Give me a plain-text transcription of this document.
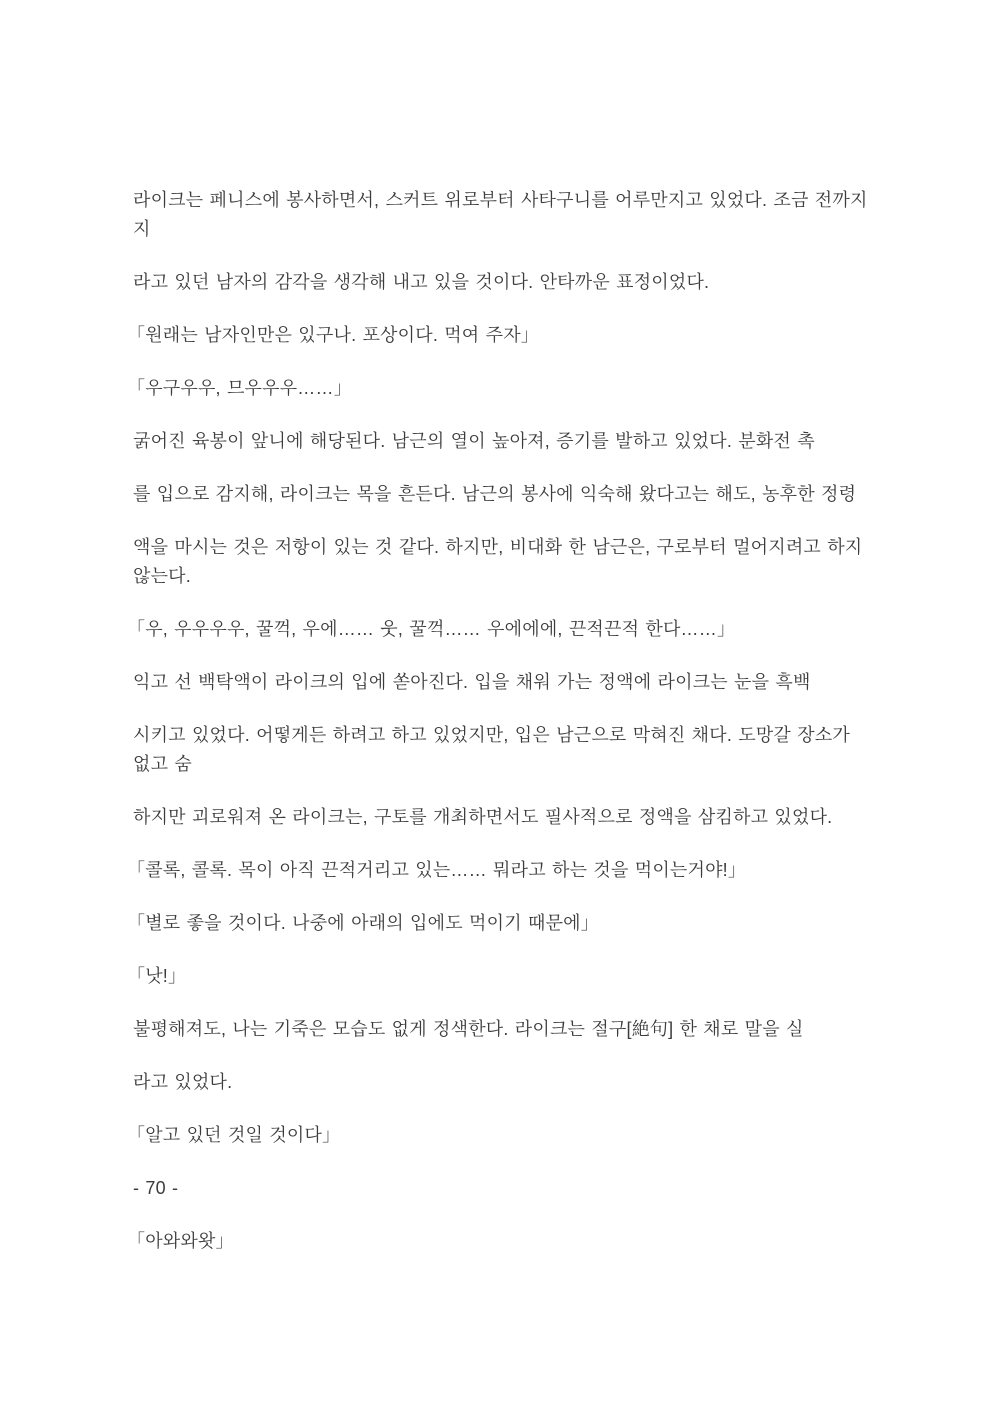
라이크는 페니스에 봉사하면서, 스커트 위로부터 사타구니를 어루만지고 있었다. 조금 전까지
지
라고 있던 남자의 감각을 생각해 내고 있을 것이다. 안타까운 표정이었다.
「원래는 남자인만은 있구나. 포상이다. 먹여 주자」
「우구우우, 므우우우……」
굵어진 육봉이 앞니에 해당된다. 남근의 열이 높아져, 증기를 발하고 있었다. 분화전 촉
를 입으로 감지해, 라이크는 목을 흔든다. 남근의 봉사에 익숙해 왔다고는 해도, 농후한 정령
액을 마시는 것은 저항이 있는 것 같다. 하지만, 비대화 한 남근은, 구로부터 멀어지려고 하지
않는다.
「우, 우우우우, 꿀꺽, 우에…… 웃, 꿀꺽…… 우에에에, 끈적끈적 한다……」
익고 선 백탁액이 라이크의 입에 쏟아진다. 입을 채워 가는 정액에 라이크는 눈을 흑백
시키고 있었다. 어떻게든 하려고 하고 있었지만, 입은 남근으로 막혀진 채다. 도망갈 장소가
없고 숨
하지만 괴로워져 온 라이크는, 구토를 개최하면서도 필사적으로 정액을 삼킴하고 있었다.
「콜록, 콜록. 목이 아직 끈적거리고 있는…… 뭐라고 하는 것을 먹이는거야!」
「별로 좋을 것이다. 나중에 아래의 입에도 먹이기 때문에」
「낫!」
불평해져도, 나는 기죽은 모습도 없게 정색한다. 라이크는 절구[絶句] 한 채로 말을 실
라고 있었다.
「알고 있던 것일 것이다」
- 70 -
「아와와왓」
